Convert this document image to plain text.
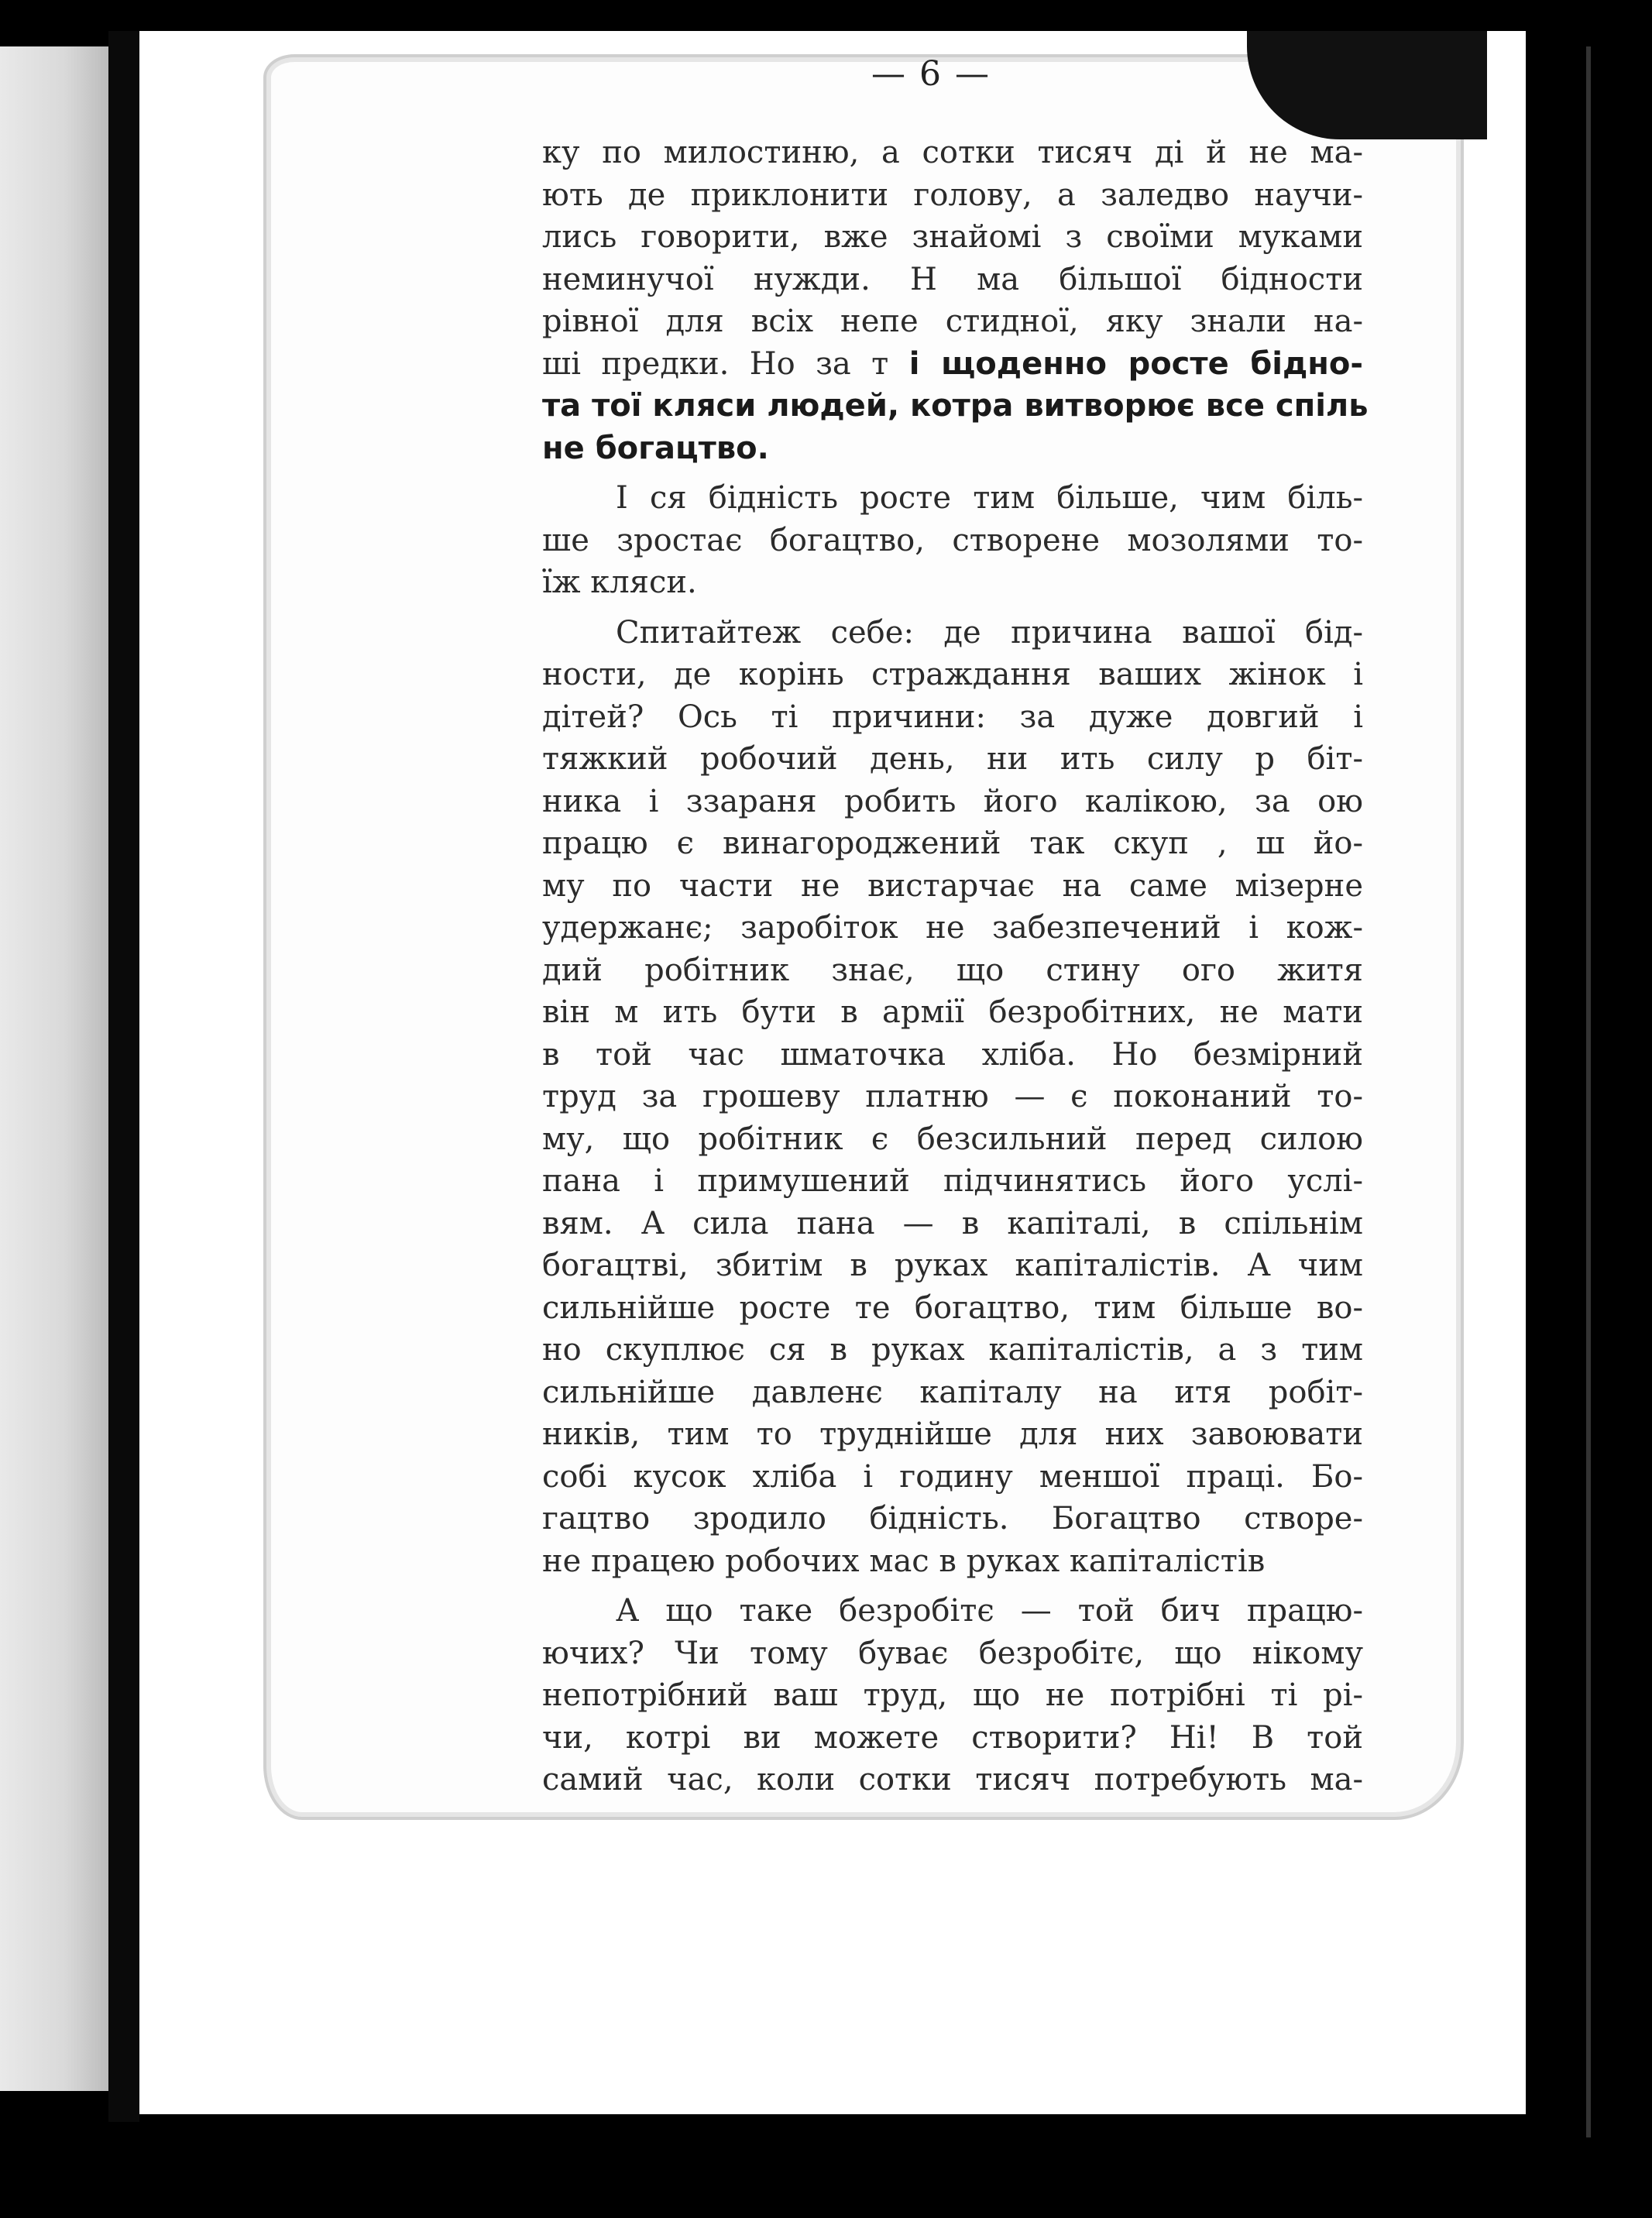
— 6 —

ку по милостиню, а сотки тисяч ді й не ма-
ють де приклонити голову, а заледво научи-
лись говорити, вже знайомі з своїми муками
неминучої нужди. Н ма більшої бідности
рівної для всіх непе стидної, яку знали на-
ші предки. Но за т і щоденно росте бідно-
та тої кляси людей, котра витворює все спіль
не богацтво.

І ся бідність росте тим більше, чим біль-
ше зростає богацтво, створене мозолями то-
їж кляси.

Спитайтеж себе: де причина вашої бід-
ности, де корінь страждання ваших жінок і
дітей? Ось ті причини: за дуже довгий і
тяжкий робочий день, ни ить силу р біт-
ника і ззараня робить його калікою, за ою
працю є винагороджений так скуп , ш йо-
му по части не вистарчає на саме мізерне
удержанє; заробіток не забезпечений і кож-
дий робітник знає, що стину ого житя
він м ить бути в армії безробітних, не мати
в той час шматочка хліба. Но безмірний
труд за грошеву платню — є поконаний то-
му, що робітник є безсильний перед силою
пана і примушений підчинятись його услі-
вям. А сила пана — в капіталі, в спільнім
богацтві, збитім в руках капіталістів. А чим
сильнійше росте те богацтво, тим більше во-
но скуплює ся в руках капіталістів, а з тим
сильнійше давленє капіталу на итя робіт-
ників, тим то труднійше для них завоювати
собі кусок хліба і годину меншої праці. Бо-
гацтво зродило бідність. Богацтво створе-
не працею робочих мас в руках капіталістів

А що таке безробітє — той бич працю-
ючих? Чи тому буває безробітє, що нікому
непотрібний ваш труд, що не потрібні ті рі-
чи, котрі ви можете створити? Ні! В той
самий час, коли сотки тисяч потребують ма-
